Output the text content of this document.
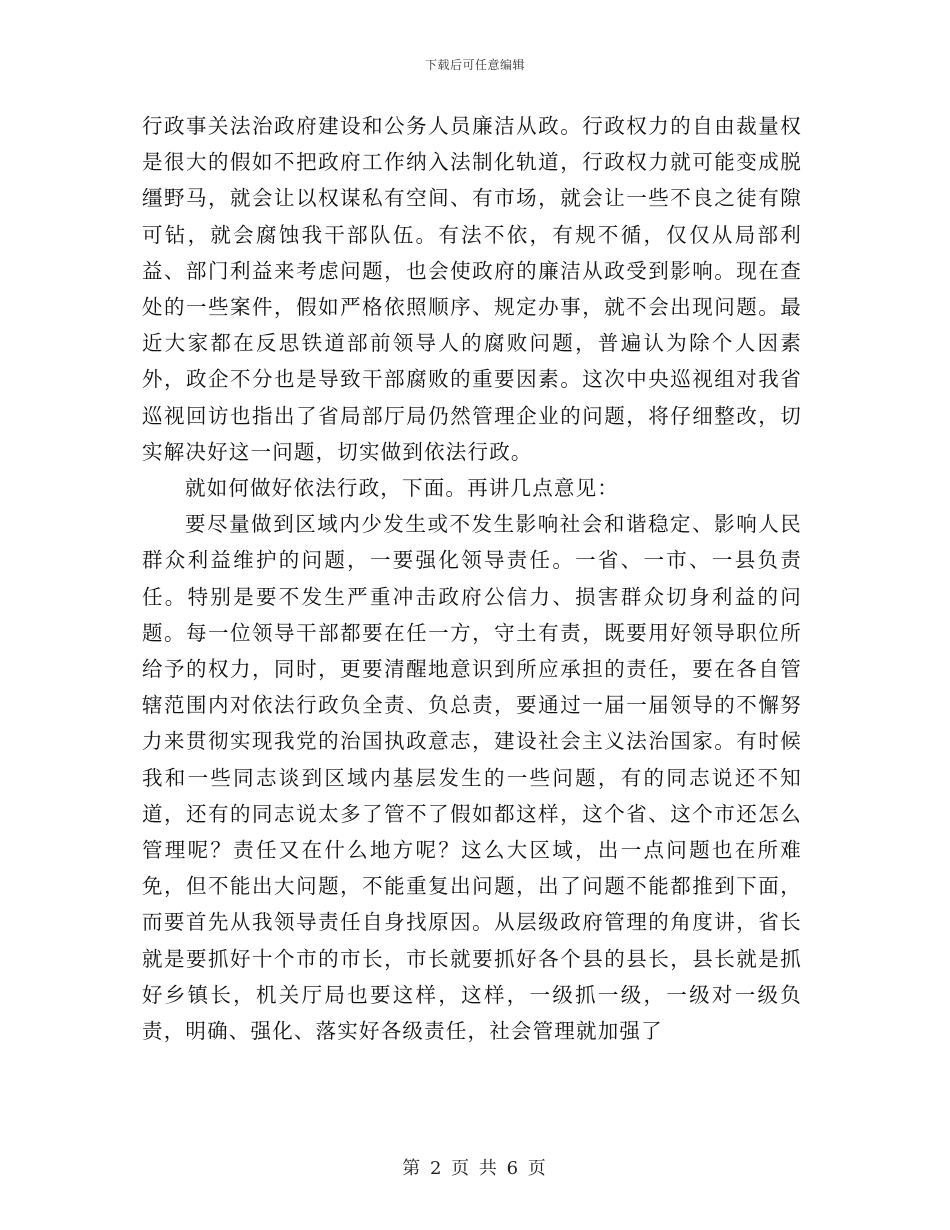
下载后可任意编辑

行政事关法治政府建设和公务人员廉洁从政。行政权力的自由裁量权是很大的假如不把政府工作纳入法制化轨道，行政权力就可能变成脱缰野马，就会让以权谋私有空间、有市场，就会让一些不良之徒有隙可钻，就会腐蚀我干部队伍。有法不依，有规不循，仅仅从局部利益、部门利益来考虑问题，也会使政府的廉洁从政受到影响。现在查处的一些案件，假如严格依照顺序、规定办事，就不会出现问题。最近大家都在反思铁道部前领导人的腐败问题，普遍认为除个人因素外，政企不分也是导致干部腐败的重要因素。这次中央巡视组对我省巡视回访也指出了省局部厅局仍然管理企业的问题，将仔细整改，切实解决好这一问题，切实做到依法行政。

就如何做好依法行政，下面。再讲几点意见：

要尽量做到区域内少发生或不发生影响社会和谐稳定、影响人民群众利益维护的问题，一要强化领导责任。一省、一市、一县负责任。特别是要不发生严重冲击政府公信力、损害群众切身利益的问题。每一位领导干部都要在任一方，守土有责，既要用好领导职位所给予的权力，同时，更要清醒地意识到所应承担的责任，要在各自管辖范围内对依法行政负全责、负总责，要通过一届一届领导的不懈努力来贯彻实现我党的治国执政意志，建设社会主义法治国家。有时候我和一些同志谈到区域内基层发生的一些问题，有的同志说还不知道，还有的同志说太多了管不了假如都这样，这个省、这个市还怎么管理呢？责任又在什么地方呢？这么大区域，出一点问题也在所难免，但不能出大问题，不能重复出问题，出了问题不能都推到下面，而要首先从我领导责任自身找原因。从层级政府管理的角度讲，省长就是要抓好十个市的市长，市长就要抓好各个县的县长，县长就是抓好乡镇长，机关厅局也要这样，这样，一级抓一级，一级对一级负责，明确、强化、落实好各级责任，社会管理就加强了

第 2 页 共 6 页
